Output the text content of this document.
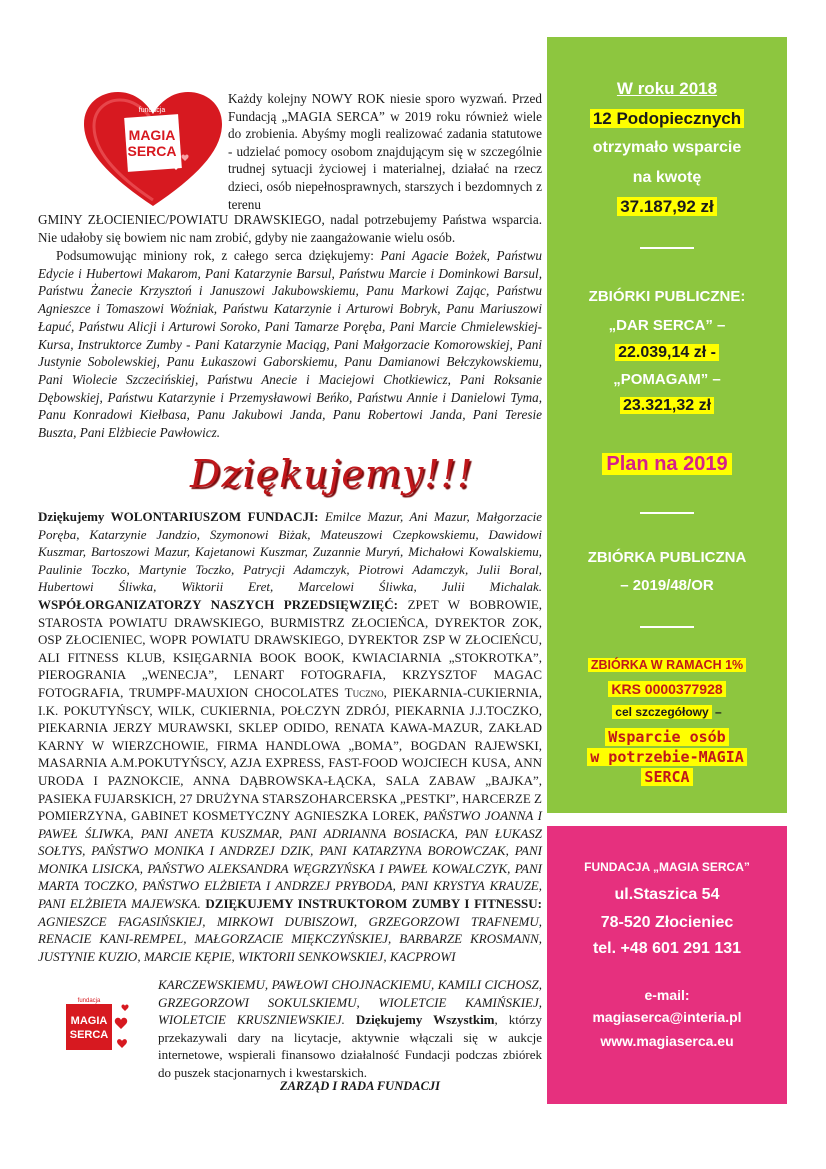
fundacja
MAGIA
SERCA

Każdy kolejny NOWY ROK niesie sporo wyzwań. Przed Fundacją „MAGIA SERCA” w 2019 roku również wiele do zrobienia. Abyśmy mogli realizować zadania statutowe - udzielać pomocy osobom znajdującym się w szczególnie trudnej sytuacji życiowej i materialnej, działać na rzecz dzieci, osób niepełnosprawnych, starszych i bezdomnych z terenu

GMINY ZŁOCIENIEC/POWIATU DRAWSKIEGO, nadal potrzebujemy Państwa wsparcia. Nie udałoby się bowiem nic nam zrobić, gdyby nie zaangażowanie wielu osób.

Podsumowując miniony rok, z całego serca dziękujemy: Pani Agacie Bożek, Państwu Edycie i Hubertowi Makarom, Pani Katarzynie Barsul, Państwu Marcie i Dominkowi Barsul, Państwu Żanecie Krzysztoń i Januszowi Jakubowskiemu, Panu Markowi Zając, Państwu Agnieszce i Tomaszowi Woźniak, Państwu Katarzynie i Arturowi Bobryk, Panu Mariuszowi Łapuć, Państwu Alicji i Arturowi Soroko, Pani Tamarze Poręba, Pani Marcie Chmielewskiej-Kursa, Instruktorce Zumby - Pani Katarzynie Maciąg, Pani Małgorzacie Komorowskiej, Pani Justynie Sobolewskiej, Panu Łukaszowi Gaborskiemu, Panu Damianowi Bełczykowskiemu, Pani Wiolecie Szczecińskiej, Państwu Anecie i Maciejowi Chotkiewicz, Pani Roksanie Dębowskiej, Państwu Katarzynie i Przemysławowi Beńko, Państwu Annie i Danielowi Tyma, Panu Konradowi Kiełbasa, Panu Jakubowi Janda, Panu Robertowi Janda, Pani Teresie Buszta, Pani Elżbiecie Pawłowicz.

Dziękujemy!!!
Dziękujemy WOLONTARIUSZOM FUNDACJI: Emilce Mazur, Ani Mazur, Małgorzacie Poręba, Katarzynie Jandzio, Szymonowi Biżak, Mateuszowi Czepkowskiemu, Dawidowi Kuszmar, Bartoszowi Mazur, Kajetanowi Kuszmar, Zuzannie Muryń, Michałowi Kowalskiemu, Paulinie Toczko, Martynie Toczko, Patrycji Adamczyk, Piotrowi Adamczyk, Julii Boral, Hubertowi Śliwka, Wiktorii Eret, Marcelowi Śliwka, Julii Michalak. WSPÓŁORGANIZATORZY NASZYCH PRZEDSIĘWZIĘĆ: ZPET W BOBROWIE, STAROSTA POWIATU DRAWSKIEGO, BURMISTRZ ZŁOCIEŃCA, DYREKTOR ZOK, OSP ZŁOCIENIEC, WOPR POWIATU DRAWSKIEGO, DYREKTOR ZSP W ZŁOCIEŃCU, ALI FITNESS KLUB, KSIĘGARNIA BOOK BOOK, KWIACIARNIA „STOKROTKA”, PIEROGRANIA „WENECJA”, LENART FOTOGRAFIA, KRZYSZTOF MAGAC FOTOGRAFIA, TRUMPF-MAUXION CHOCOLATES Tuczno, PIEKARNIA-CUKIERNIA, I.K. POKUTYŃSCY, WILK, CUKIERNIA, POŁCZYN ZDRÓJ, PIEKARNIA J.J.TOCZKO, PIEKARNIA JERZY MURAWSKI, SKLEP ODIDO, RENATA KAWA-MAZUR, ZAKŁAD KARNY W WIERZCHOWIE, FIRMA HANDLOWA „BOMA”, BOGDAN RAJEWSKI, MASARNIA A.M.POKUTYŃSCY, AZJA EXPRESS, FAST-FOOD WOJCIECH KUSA, ANN URODA I PAZNOKCIE, ANNA DĄBROWSKA-ŁĄCKA, SALA ZABAW „BAJKA”, PASIEKA FUJARSKICH, 27 DRUŻYNA STARSZOHARCERSKA „PESTKI”, HARCERZE Z POMIERZYNA, GABINET KOSMETYCZNY AGNIESZKA LOREK, PAŃSTWO JOANNA I PAWEŁ ŚLIWKA, PANI ANETA KUSZMAR, PANI ADRIANNA BOSIACKA, PAN ŁUKASZ SOŁTYS, PAŃSTWO MONIKA I ANDRZEJ DZIK, PANI KATARZYNA BOROWCZAK, PANI MONIKA LISICKA, PAŃSTWO ALEKSANDRA WĘGRZYŃSKA I PAWEŁ KOWALCZYK, PANI MARTA TOCZKO, PAŃSTWO ELŻBIETA I ANDRZEJ PRYBODA, PANI KRYSTYA KRAUZE, PANI ELŻBIETA MAJEWSKA. DZIĘKUJEMY INSTRUKTOROM ZUMBY I FITNESSU: AGNIESZCE FAGASIŃSKIEJ, MIRKOWI DUBISZOWI, GRZEGORZOWI TRAFNEMU, RENACIE KANI-REMPEL, MAŁGORZACIE MIĘKCZYŃSKIEJ, BARBARZE KROSMANN, JUSTYNIE KUZIO, MARCIE KĘPIE, WIKTORII SENKOWSKIEJ, KACPROWI
fundacja
MAGIA
SERCA
KARCZEWSKIEMU, PAWŁOWI CHOJNACKIEMU, KAMILI CICHOSZ, GRZEGORZOWI SOKULSKIEMU, WIOLETCIE KAMIŃSKIEJ, WIOLETCIE KRUSZNIEWSKIEJ. Dziękujemy Wszystkim, którzy przekazywali dary na licytacje, aktywnie włączali się w aukcje internetowe, wspierali finansowo działalność Fundacji podczas zbiórek do puszek stacjonarnych i kwestarskich.
ZARZĄD I RADA FUNDACJI
W roku 2018
12 Podopiecznych
otrzymało wsparcie
na kwotę
37.187,92 zł
ZBIÓRKI PUBLICZNE:
„DAR SERCA” –
22.039,14 zł -
„POMAGAM” –
23.321,32 zł
Plan na 2019
ZBIÓRKA PUBLICZNA
– 2019/48/OR
ZBIÓRKA W RAMACH 1%
KRS 0000377928
cel szczegółowy –
Wsparcie osób
w potrzebie-MAGIA
SERCA
FUNDACJA „MAGIA SERCA”
ul.Staszica 54
78-520 Złocieniec
tel. +48 601 291 131
e-mail:
magiaserca@interia.pl
www.magiaserca.eu
